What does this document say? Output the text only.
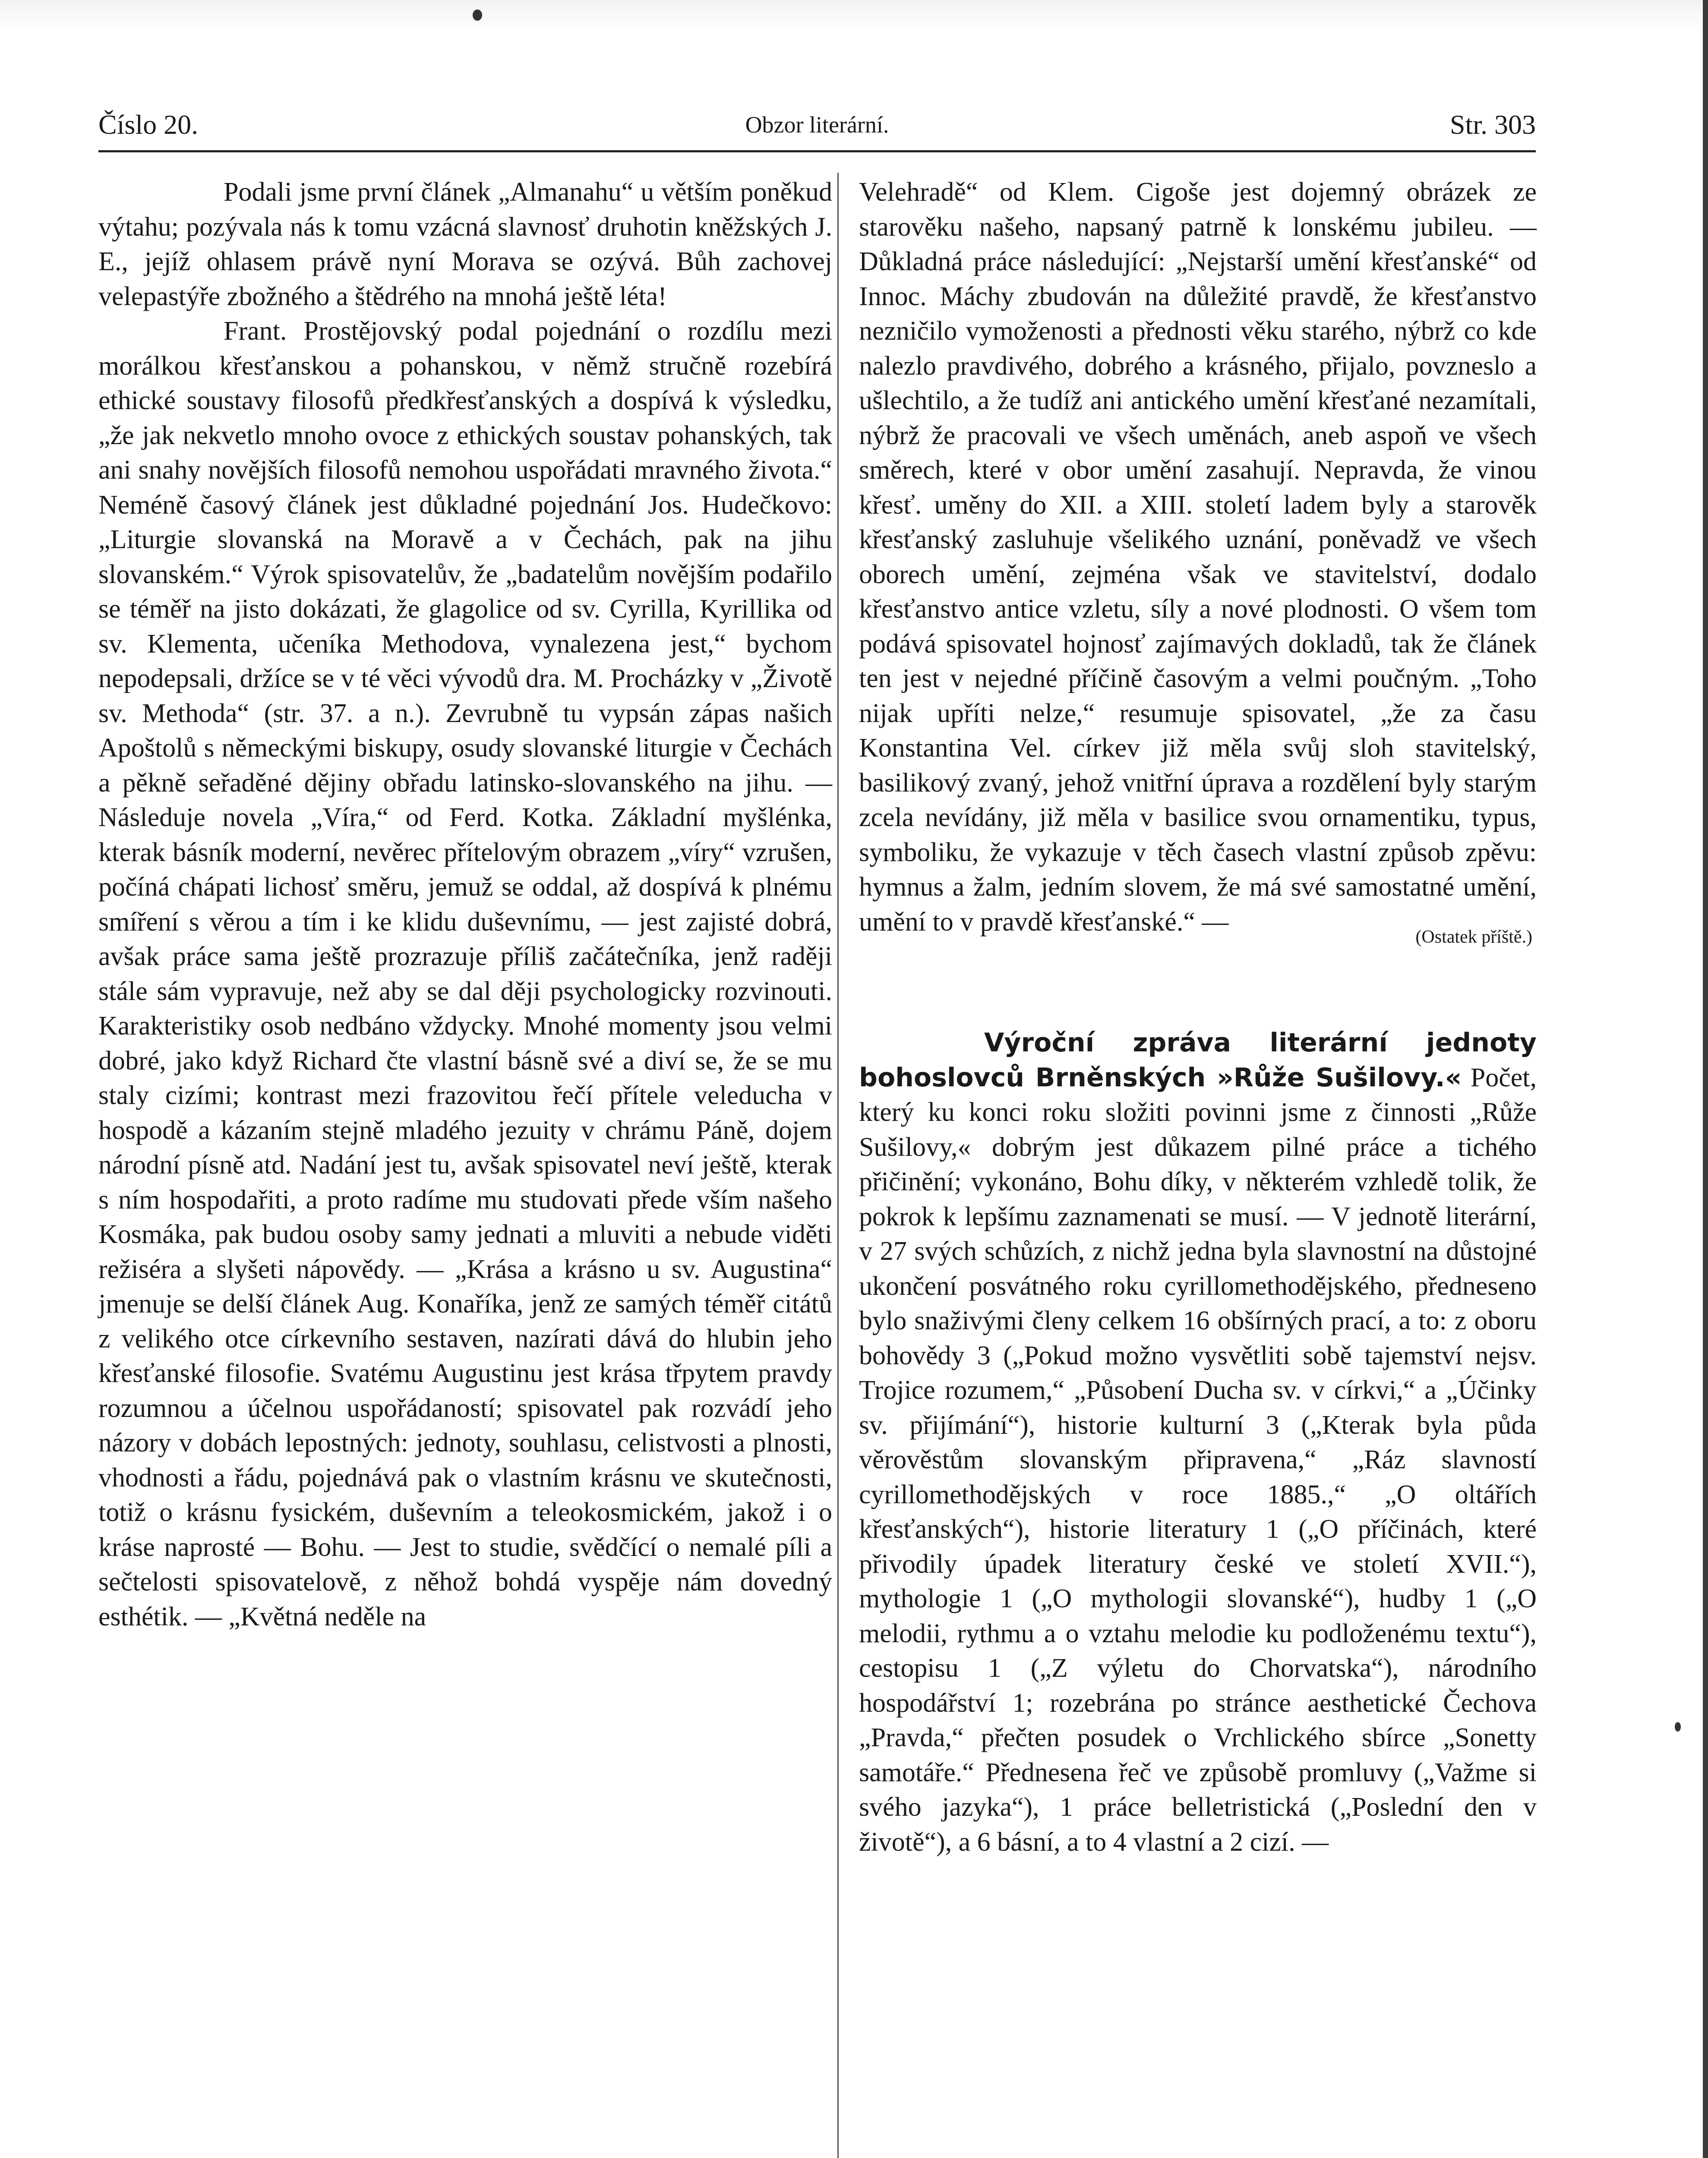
Číslo 20.	Obzor literární.	Str. 303

Podali jsme první článek „Almanahu“ u větším poněkud výtahu; pozývala nás k tomu vzácná slavnosť druhotin kněžských J. E., jejíž ohlasem právě nyní Morava se ozývá. Bůh zachovej velepastýře zbožného a štědrého na mnohá ještě léta!

Frant. Prostějovský podal pojednání o rozdílu mezi morálkou křesťanskou a pohanskou, v němž stručně rozebírá ethické soustavy filosofů předkřesťanských a dospívá k výsledku, „že jak nekvetlo mnoho ovoce z ethických soustav pohanských, tak ani snahy novějších filosofů nemohou uspořádati mravného života.“ Neméně časový článek jest důkladné pojednání Jos. Hudečkovo: „Liturgie slovanská na Moravě a v Čechách, pak na jihu slovanském.“ Výrok spisovatelův, že „badatelům novějším podařilo se téměř na jisto dokázati, že glagolice od sv. Cyrilla, Kyrillika od sv. Klementa, učeníka Methodova, vynalezena jest,“ bychom nepodepsali, držíce se v té věci vývodů dra. M. Procházky v „Životě sv. Methoda“ (str. 37. a n.). Zevrubně tu vypsán zápas našich Apoštolů s německými biskupy, osudy slovanské liturgie v Čechách a pěkně seřaděné dějiny obřadu latinsko-slovanského na jihu. — Následuje novela „Víra,“ od Ferd. Kotka. Základní myšlénka, kterak básník moderní, nevěrec přítelovým obrazem „víry“ vzrušen, počíná chápati lichosť směru, jemuž se oddal, až dospívá k plnému smíření s věrou a tím i ke klidu duševnímu, — jest zajisté dobrá, avšak práce sama ještě prozrazuje příliš začátečníka, jenž raději stále sám vypravuje, než aby se dal ději psychologicky rozvinouti. Karakteristiky osob nedbáno vždycky. Mnohé momenty jsou velmi dobré, jako když Richard čte vlastní básně své a diví se, že se mu staly cizími; kontrast mezi frazovitou řečí přítele veleducha v hospodě a kázaním stejně mladého jezuity v chrámu Páně, dojem národní písně atd. Nadání jest tu, avšak spisovatel neví ještě, kterak s ním hospodařiti, a proto radíme mu studovati přede vším našeho Kosmáka, pak budou osoby samy jednati a mluviti a nebude viděti režiséra a slyšeti nápovědy. — „Krása a krásno u sv. Augustina“ jmenuje se delší článek Aug. Konaříka, jenž ze samých téměř citátů z velikého otce církevního sestaven, nazírati dává do hlubin jeho křesťanské filosofie. Svatému Augustinu jest krása třpytem pravdy rozumnou a účelnou uspořádaností; spisovatel pak rozvádí jeho názory v dobách lepostných: jednoty, souhlasu, celistvosti a plnosti, vhodnosti a řádu, pojednává pak o vlastním krásnu ve skutečnosti, totiž o krásnu fysickém, duševním a teleokosmickém, jakož i o kráse naprosté — Bohu. — Jest to studie, svědčící o nemalé píli a sečtelosti spisovatelově, z něhož bohdá vyspěje nám dovedný esthétik. — „Květná neděle na

Velehradě“ od Klem. Cigoše jest dojemný obrázek ze starověku našeho, napsaný patrně k lonskému jubileu. — Důkladná práce následující: „Nejstarší umění křesťanské“ od Innoc. Máchy zbudován na důležité pravdě, že křesťanstvo nezničilo vymoženosti a přednosti věku starého, nýbrž co kde nalezlo pravdivého, dobrého a krásného, přijalo, povzneslo a ušlechtilo, a že tudíž ani antického umění křesťané nezamítali, nýbrž že pracovali ve všech uměnách, aneb aspoň ve všech směrech, které v obor umění zasahují. Nepravda, že vinou křesť. uměny do XII. a XIII. století ladem byly a starověk křesťanský zasluhuje všelikého uznání, poněvadž ve všech oborech umění, zejména však ve stavitelství, dodalo křesťanstvo antice vzletu, síly a nové plodnosti. O všem tom podává spisovatel hojnosť zajímavých dokladů, tak že článek ten jest v nejedné příčině časovým a velmi poučným. „Toho nijak upříti nelze,“ resumuje spisovatel, „že za času Konstantina Vel. církev již měla svůj sloh stavitelský, basilikový zvaný, jehož vnitřní úprava a rozdělení byly starým zcela nevídány, již měla v basilice svou ornamentiku, typus, symboliku, že vykazuje v těch časech vlastní způsob zpěvu: hymnus a žalm, jedním slovem, že má své samostatné umění, umění to v pravdě křesťanské.“ —

(Ostatek příště.)

Výroční zpráva literární jednoty bohoslovců Brněnských »Růže Sušilovy.« Počet, který ku konci roku složiti povinni jsme z činnosti „Růže Sušilovy,« dobrým jest důkazem pilné práce a tichého přičinění; vykonáno, Bohu díky, v některém vzhledě tolik, že pokrok k lepšímu zaznamenati se musí. — V jednotě literární, v 27 svých schůzích, z nichž jedna byla slavnostní na důstojné ukončení posvátného roku cyrillomethodějského, předneseno bylo snaživými členy celkem 16 obšírných prací, a to: z oboru bohovědy 3 („Pokud možno vysvětliti sobě tajemství nejsv. Trojice rozumem,“ „Působení Ducha sv. v církvi,“ a „Účinky sv. přijímání“), historie kulturní 3 („Kterak byla půda věrověstům slovanským připravena,“ „Ráz slavností cyrillomethodějských v roce 1885.,“ „O oltářích křesťanských“), historie literatury 1 („O příčinách, které přivodily úpadek literatury české ve století XVII.“), mythologie 1 („O mythologii slovanské“), hudby 1 („O melodii, rythmu a o vztahu melodie ku podloženému textu“), cestopisu 1 („Z výletu do Chorvatska“), národního hospodářství 1; rozebrána po stránce aesthetické Čechova „Pravda,“ přečten posudek o Vrchlického sbírce „Sonetty samotáře.“ Přednesena řeč ve způsobě promluvy („Važme si svého jazyka“), 1 práce belletristická („Poslední den v životě“), a 6 básní, a to 4 vlastní a 2 cizí. —
